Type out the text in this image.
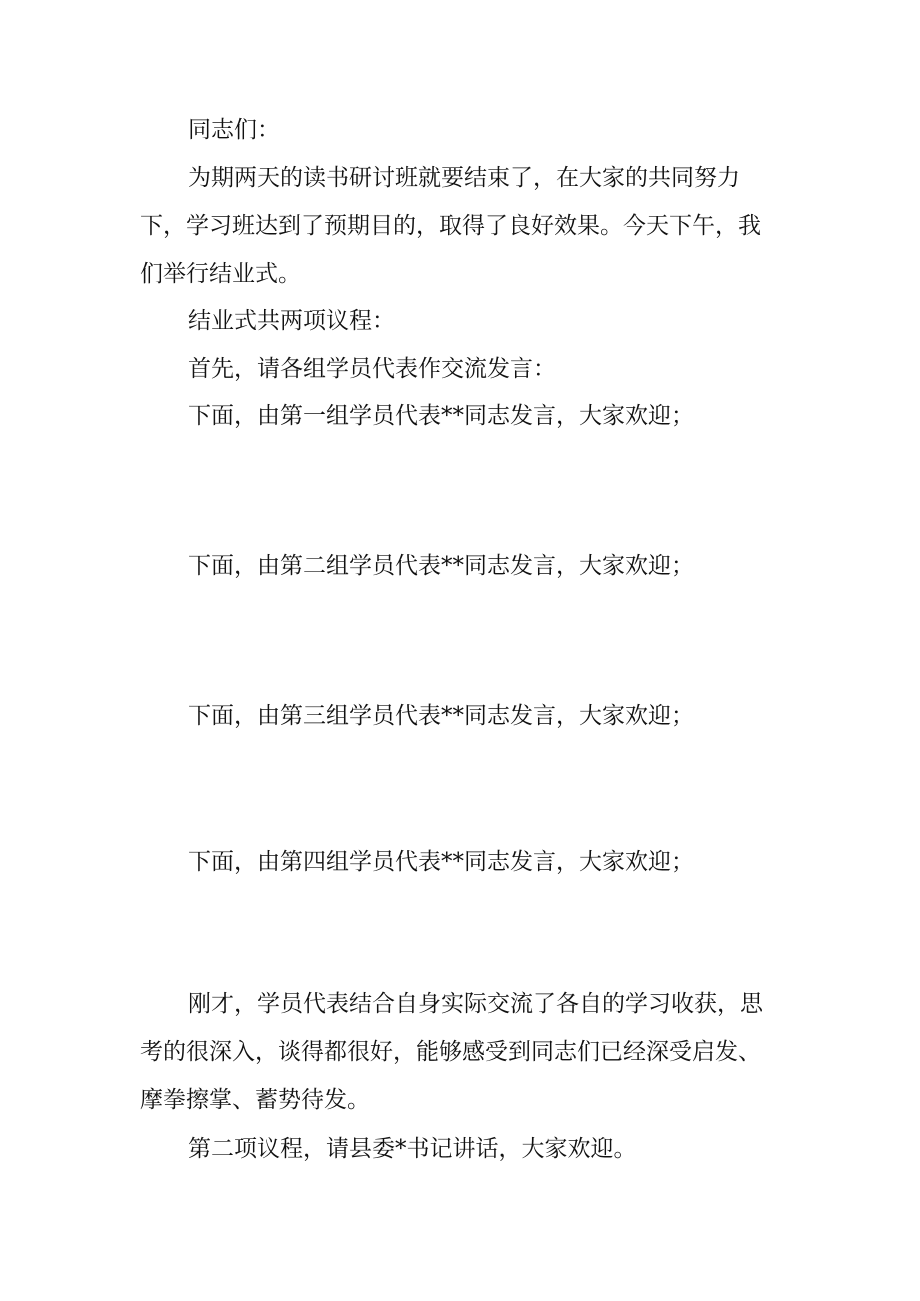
同志们：

为期两天的读书研讨班就要结束了，在大家的共同努力

下，学习班达到了预期目的，取得了良好效果。今天下午，我

们举行结业式。

结业式共两项议程：

首先，请各组学员代表作交流发言：

下面，由第一组学员代表**同志发言，大家欢迎；

下面，由第二组学员代表**同志发言，大家欢迎；

下面，由第三组学员代表**同志发言，大家欢迎；

下面，由第四组学员代表**同志发言，大家欢迎；

刚才，学员代表结合自身实际交流了各自的学习收获，思

考的很深入，谈得都很好，能够感受到同志们已经深受启发、

摩拳擦掌、蓄势待发。

第二项议程，请县委*书记讲话，大家欢迎。
